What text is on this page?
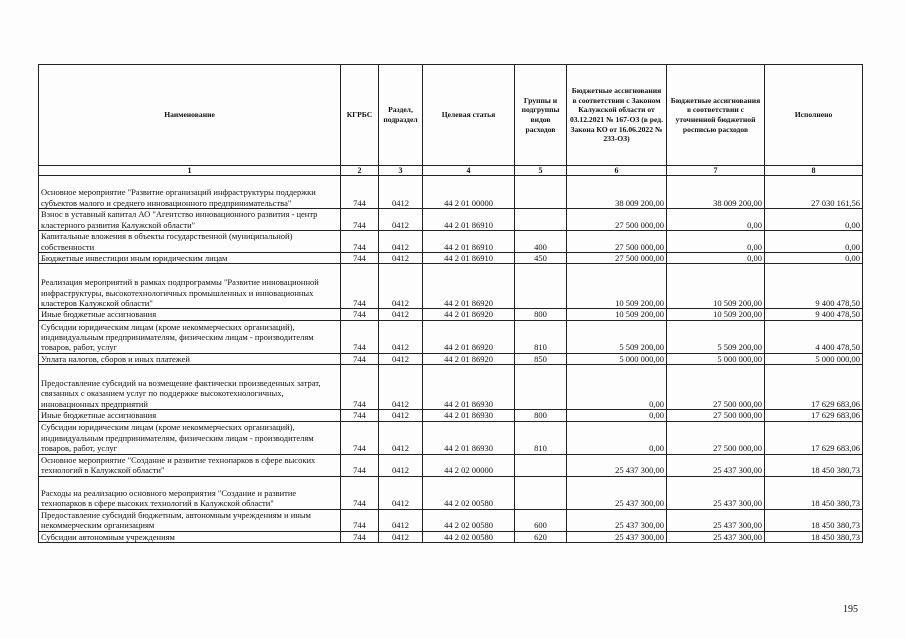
Наименование	КГРБС	Раздел, подраздел	Целевая статья	Группы и подгруппы видов расходов	Бюджетные ассигнования в соответствии с Законом Калужской области от 03.12.2021 № 167-ОЗ (в ред. Закона КО от 16.06.2022 № 233-ОЗ)	Бюджетные ассигнования в соответствии с уточненной бюджетной росписью расходов	Исполнено
1	2	3	4	5	6	7	8
Основное мероприятие "Развитие организаций инфраструктуры поддержки субъектов малого и среднего инновационного предпринимательства"	744	0412	44 2 01 00000		38 009 200,00	38 009 200,00	27 030 161,56
Взнос в уставный капитал АО "Агентство инновационного развития - центр кластерного развития Калужской области"	744	0412	44 2 01 86910		27 500 000,00	0,00	0,00
Капитальные вложения в объекты государственной (муниципальной) собственности	744	0412	44 2 01 86910	400	27 500 000,00	0,00	0,00
Бюджетные инвестиции иным юридическим лицам	744	0412	44 2 01 86910	450	27 500 000,00	0,00	0,00
Реализация мероприятий в рамках подпрограммы "Развитие инновационной инфраструктуры, высокотехнологичных промышленных и инновационных кластеров Калужской области"	744	0412	44 2 01 86920		10 509 200,00	10 509 200,00	9 400 478,50
Иные бюджетные ассигнования	744	0412	44 2 01 86920	800	10 509 200,00	10 509 200,00	9 400 478,50
Субсидии юридическим лицам (кроме некоммерческих организаций), индивидуальным предпринимателям, физическим лицам - производителям товаров, работ, услуг	744	0412	44 2 01 86920	810	5 509 200,00	5 509 200,00	4 400 478,50
Уплата налогов, сборов и иных платежей	744	0412	44 2 01 86920	850	5 000 000,00	5 000 000,00	5 000 000,00
Предоставление субсидий на возмещение фактически произведенных затрат, связанных с оказанием услуг по поддержке высокотехнологичных, инновационных предприятий	744	0412	44 2 01 86930		0,00	27 500 000,00	17 629 683,06
Иные бюджетные ассигнования	744	0412	44 2 01 86930	800	0,00	27 500 000,00	17 629 683,06
Субсидии юридическим лицам (кроме некоммерческих организаций), индивидуальным предпринимателям, физическим лицам - производителям товаров, работ, услуг	744	0412	44 2 01 86930	810	0,00	27 500 000,00	17 629 683,06
Основное мероприятие "Создание и развитие технопарков в сфере высоких технологий в Калужской области"	744	0412	44 2 02 00000		25 437 300,00	25 437 300,00	18 450 380,73
Расходы на реализацию основного мероприятия "Создание и развитие технопарков в сфере высоких технологий в Калужской области"	744	0412	44 2 02 00580		25 437 300,00	25 437 300,00	18 450 380,73
Предоставление субсидий бюджетным, автономным учреждениям и иным некоммерческим организациям	744	0412	44 2 02 00580	600	25 437 300,00	25 437 300,00	18 450 380,73
Субсидии автономным учреждениям	744	0412	44 2 02 00580	620	25 437 300,00	25 437 300,00	18 450 380,73
195
